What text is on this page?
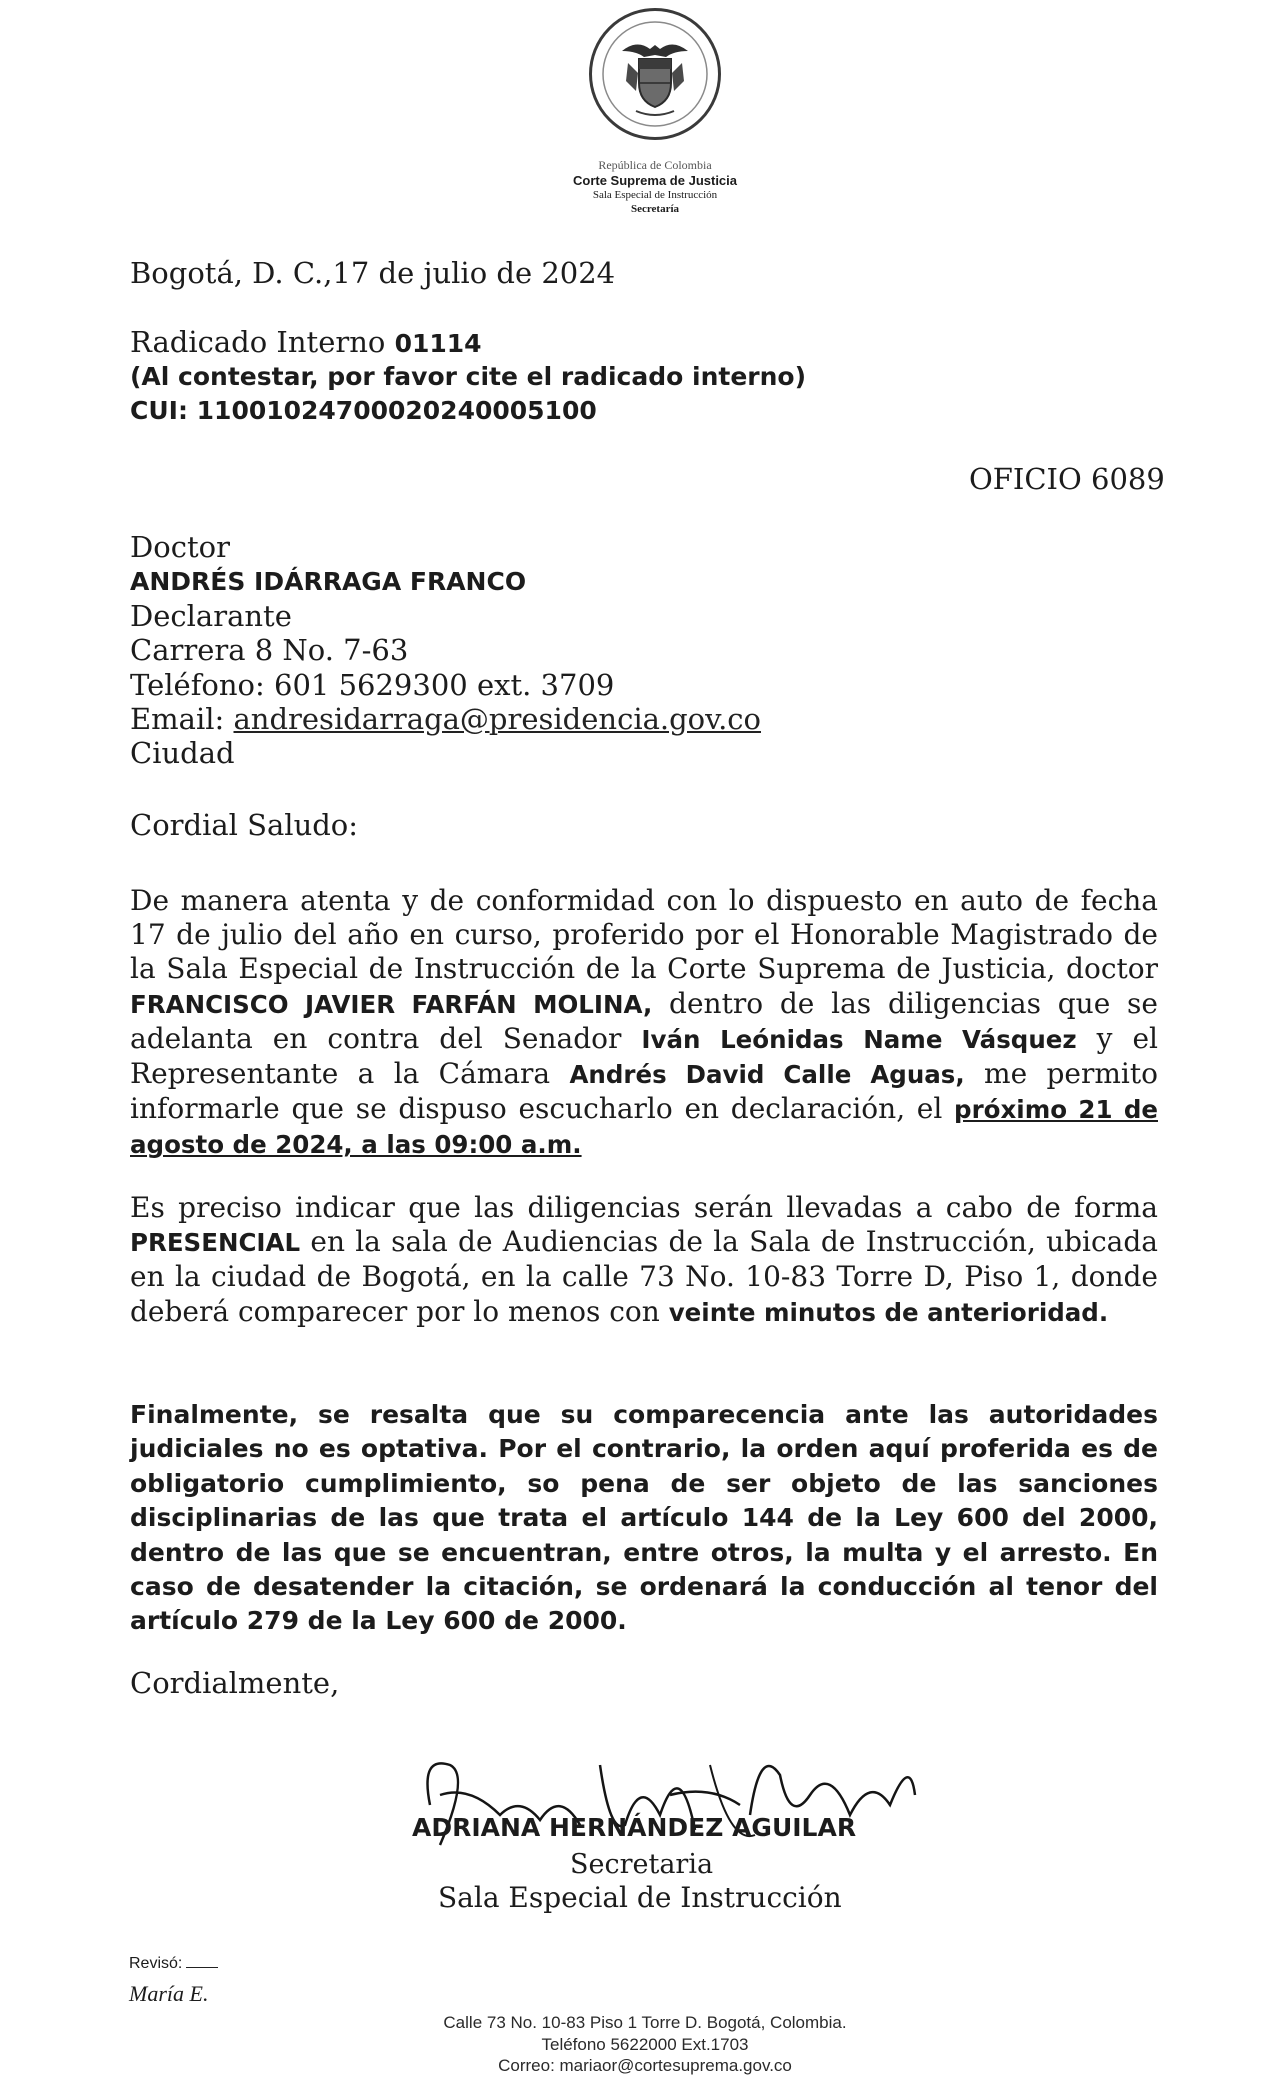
República de Colombia
Corte Suprema de Justicia
Sala Especial de Instrucción
Secretaría
Bogotá, D. C.,17 de julio de 2024
Radicado Interno 01114
(Al contestar, por favor cite el radicado interno)
CUI: 11001024700020240005100
OFICIO 6089
Doctor
ANDRÉS IDÁRRAGA FRANCO
Declarante
Carrera 8 No. 7-63
Teléfono: 601 5629300 ext. 3709
Email: andresidarraga@presidencia.gov.co
Ciudad
Cordial Saludo:
De manera atenta y de conformidad con lo dispuesto en auto de fecha 17 de julio del año en curso, proferido por el Honorable Magistrado de la Sala Especial de Instrucción de la Corte Suprema de Justicia, doctor FRANCISCO JAVIER FARFÁN MOLINA, dentro de las diligencias que se adelanta en contra del Senador Iván Leónidas Name Vásquez y el Representante a la Cámara Andrés David Calle Aguas, me permito informarle que se dispuso escucharlo en declaración, el próximo 21 de agosto de 2024, a las 09:00 a.m.
Es preciso indicar que las diligencias serán llevadas a cabo de forma PRESENCIAL en la sala de Audiencias de la Sala de Instrucción, ubicada en la ciudad de Bogotá, en la calle 73 No. 10-83 Torre D, Piso 1, donde deberá comparecer por lo menos con veinte minutos de anterioridad.
Finalmente, se resalta que su comparecencia ante las autoridades judiciales no es optativa. Por el contrario, la orden aquí proferida es de obligatorio cumplimiento, so pena de ser objeto de las sanciones disciplinarias de las que trata el artículo 144 de la Ley 600 del 2000, dentro de las que se encuentran, entre otros, la multa y el arresto. En caso de desatender la citación, se ordenará la conducción al tenor del artículo 279 de la Ley 600 de 2000.
Cordialmente,
ADRIANA HERNÁNDEZ AGUILAR
Secretaria
Sala Especial de Instrucción
Revisó:
María E.
Calle 73 No. 10-83 Piso 1 Torre D. Bogotá, Colombia.
Teléfono 5622000 Ext.1703
Correo: mariaor@cortesuprema.gov.co
